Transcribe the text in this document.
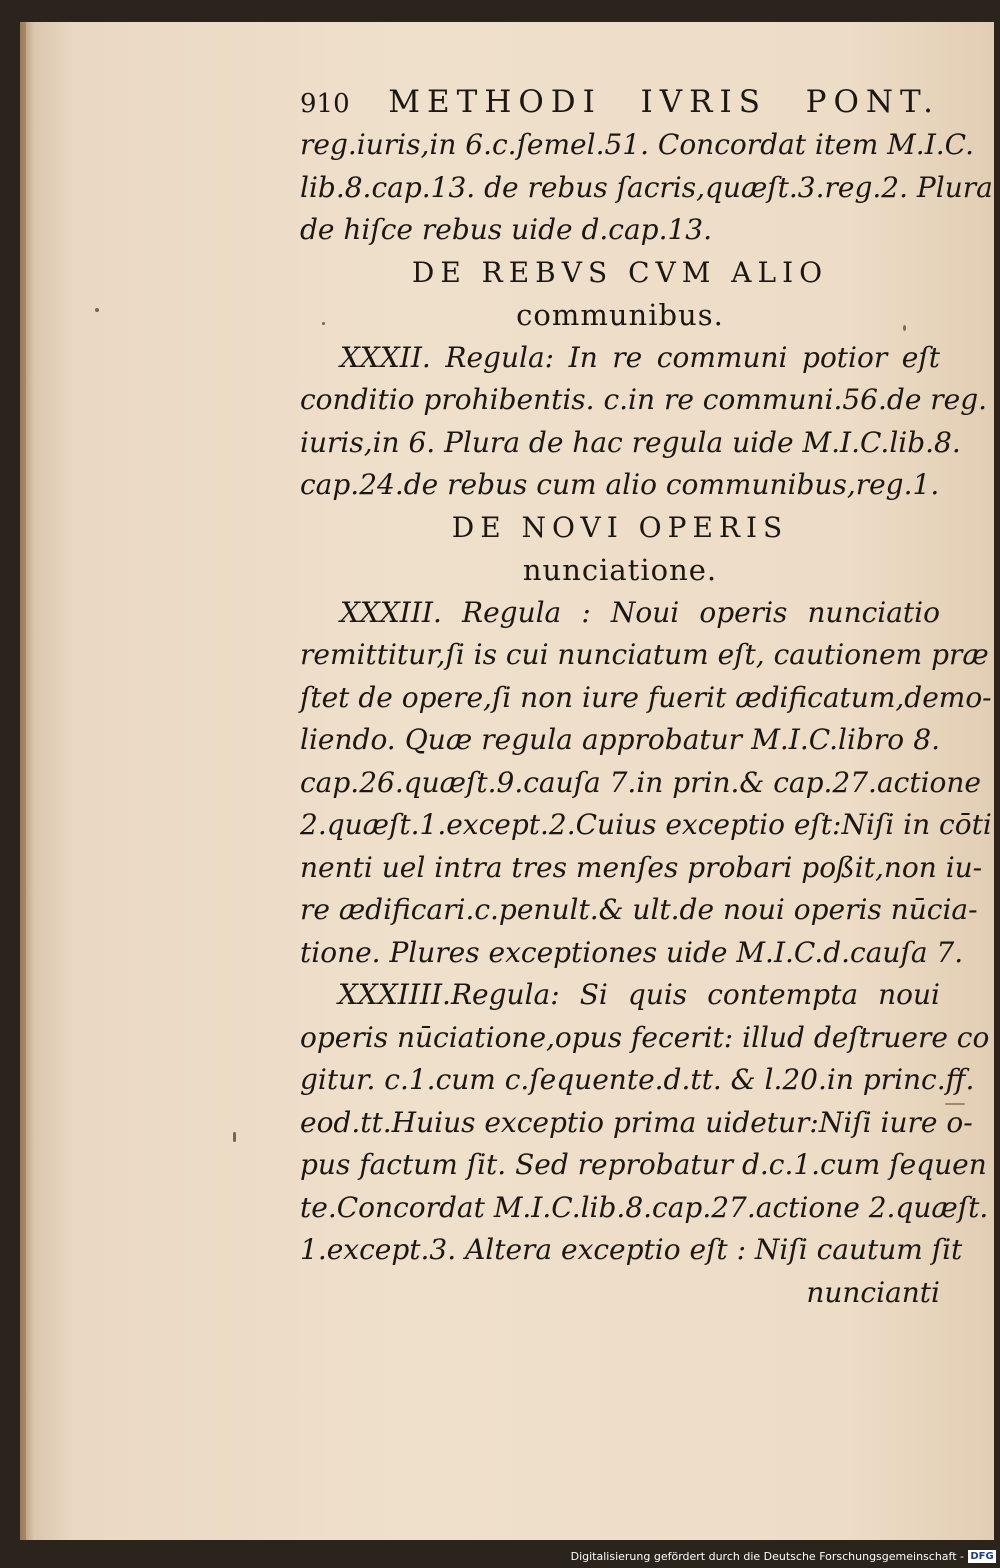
910 METHODI IVRIS PONT.
reg.iuris,in 6.c.ſemel.51. Concordat item M.I.C.
lib.8.cap.13. de rebus ſacris,quæſt.3.reg.2. Plura
de hiſce rebus uide d.cap.13.
DE REBVS CVM ALIO
communibus.
XXXII. Regula: In re communi potior eſt
conditio prohibentis. c.in re communi.56.de reg.
iuris,in 6. Plura de hac regula uide M.I.C.lib.8.
cap.24.de rebus cum alio communibus,reg.1.
DE NOVI OPERIS
nunciatione.
XXXIII. Regula : Noui operis nunciatio
remittitur,ſi is cui nunciatum eſt, cautionem præ
ſtet de opere,ſi non iure fuerit ædificatum,demo-
liendo. Quæ regula approbatur M.I.C.libro 8.
cap.26.quæſt.9.cauſa 7.in prin.& cap.27.actione
2.quæſt.1.except.2.Cuius exceptio eſt:Niſi in cōti
nenti uel intra tres menſes probari poßit,non iu-
re ædificari.c.penult.& ult.de noui operis nūcia-
tione. Plures exceptiones uide M.I.C.d.cauſa 7.
XXXIIII.Regula: Si quis contempta noui
operis nūciatione,opus fecerit: illud deſtruere co
gitur. c.1.cum c.ſequente.d.tt. & l.20.in princ.ff.
eod.tt.Huius exceptio prima uidetur:Niſi iure o-
pus factum ſit. Sed reprobatur d.c.1.cum ſequen
te.Concordat M.I.C.lib.8.cap.27.actione 2.quæſt.
1.except.3. Altera exceptio eſt : Niſi cautum ſit
nuncianti
Digitalisierung gefördert durch die Deutsche Forschungsgemeinschaft - DFG
